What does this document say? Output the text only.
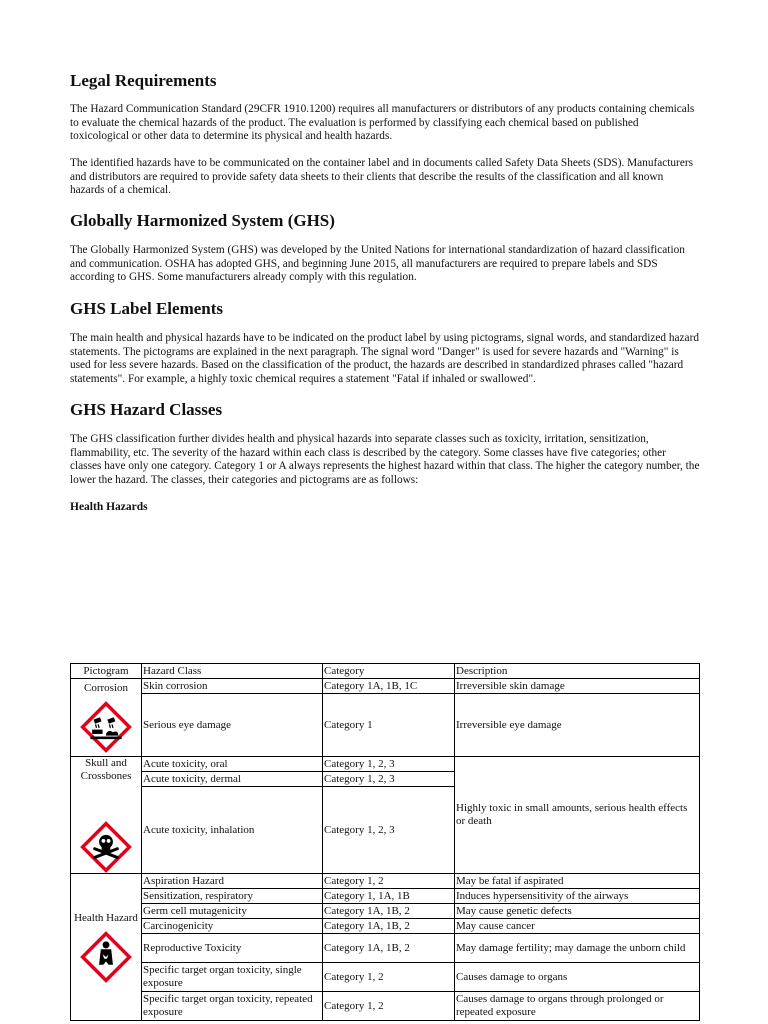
Legal Requirements

The Hazard Communication Standard (29CFR 1910.1200) requires all manufacturers or distributors of any products containing chemicals to evaluate the chemical hazards of the product. The evaluation is performed by classifying each chemical based on published toxicological or other data to determine its physical and health hazards.

The identified hazards have to be communicated on the container label and in documents called Safety Data Sheets (SDS). Manufacturers and distributors are required to provide safety data sheets to their clients that describe the results of the classification and all known hazards of a chemical.

Globally Harmonized System (GHS)

The Globally Harmonized System (GHS) was developed by the United Nations for international standardization of hazard classification and communication. OSHA has adopted GHS, and beginning June 2015, all manufacturers are required to prepare labels and SDS according to GHS. Some manufacturers already comply with this regulation.

GHS Label Elements

The main health and physical hazards have to be indicated on the product label by using pictograms, signal words, and standardized hazard statements. The pictograms are explained in the next paragraph. The signal word "Danger" is used for severe hazards and "Warning" is used for less severe hazards. Based on the classification of the product, the hazards are described in standardized phrases called "hazard statements". For example, a highly toxic chemical requires a statement "Fatal if inhaled or swallowed".

GHS Hazard Classes

The GHS classification further divides health and physical hazards into separate classes such as toxicity, irritation, sensitization, flammability, etc. The severity of the hazard within each class is described by the category. Some classes have five categories; other classes have only one category. Category 1 or A always represents the highest hazard within that class. The higher the category number, the lower the hazard. The classes, their categories and pictograms are as follows:

Health Hazards
Pictogram	Hazard Class	Category	Description

Corrosion	Skin corrosion	Category 1A, 1B, 1C	Irreversible skin damage
	Serious eye damage	Category 1	Irreversible eye damage

Skull and Crossbones	Acute toxicity, oral	Category 1, 2, 3	Highly toxic in small amounts, serious health effects or death
	Acute toxicity, dermal	Category 1, 2, 3	
	Acute toxicity, inhalation	Category 1, 2, 3	

Health Hazard	Aspiration Hazard	Category 1, 2	May be fatal if aspirated
	Sensitization, respiratory	Category 1, 1A, 1B	Induces hypersensitivity of the airways
	Germ cell mutagenicity	Category 1A, 1B, 2	May cause genetic defects
	Carcinogenicity	Category 1A, 1B, 2	May cause cancer
	Reproductive Toxicity	Category 1A, 1B, 2	May damage fertility; may damage the unborn child
	Specific target organ toxicity, single exposure	Category 1, 2	Causes damage to organs
	Specific target organ toxicity, repeated exposure	Category 1, 2	Causes damage to organs through prolonged or repeated exposure
